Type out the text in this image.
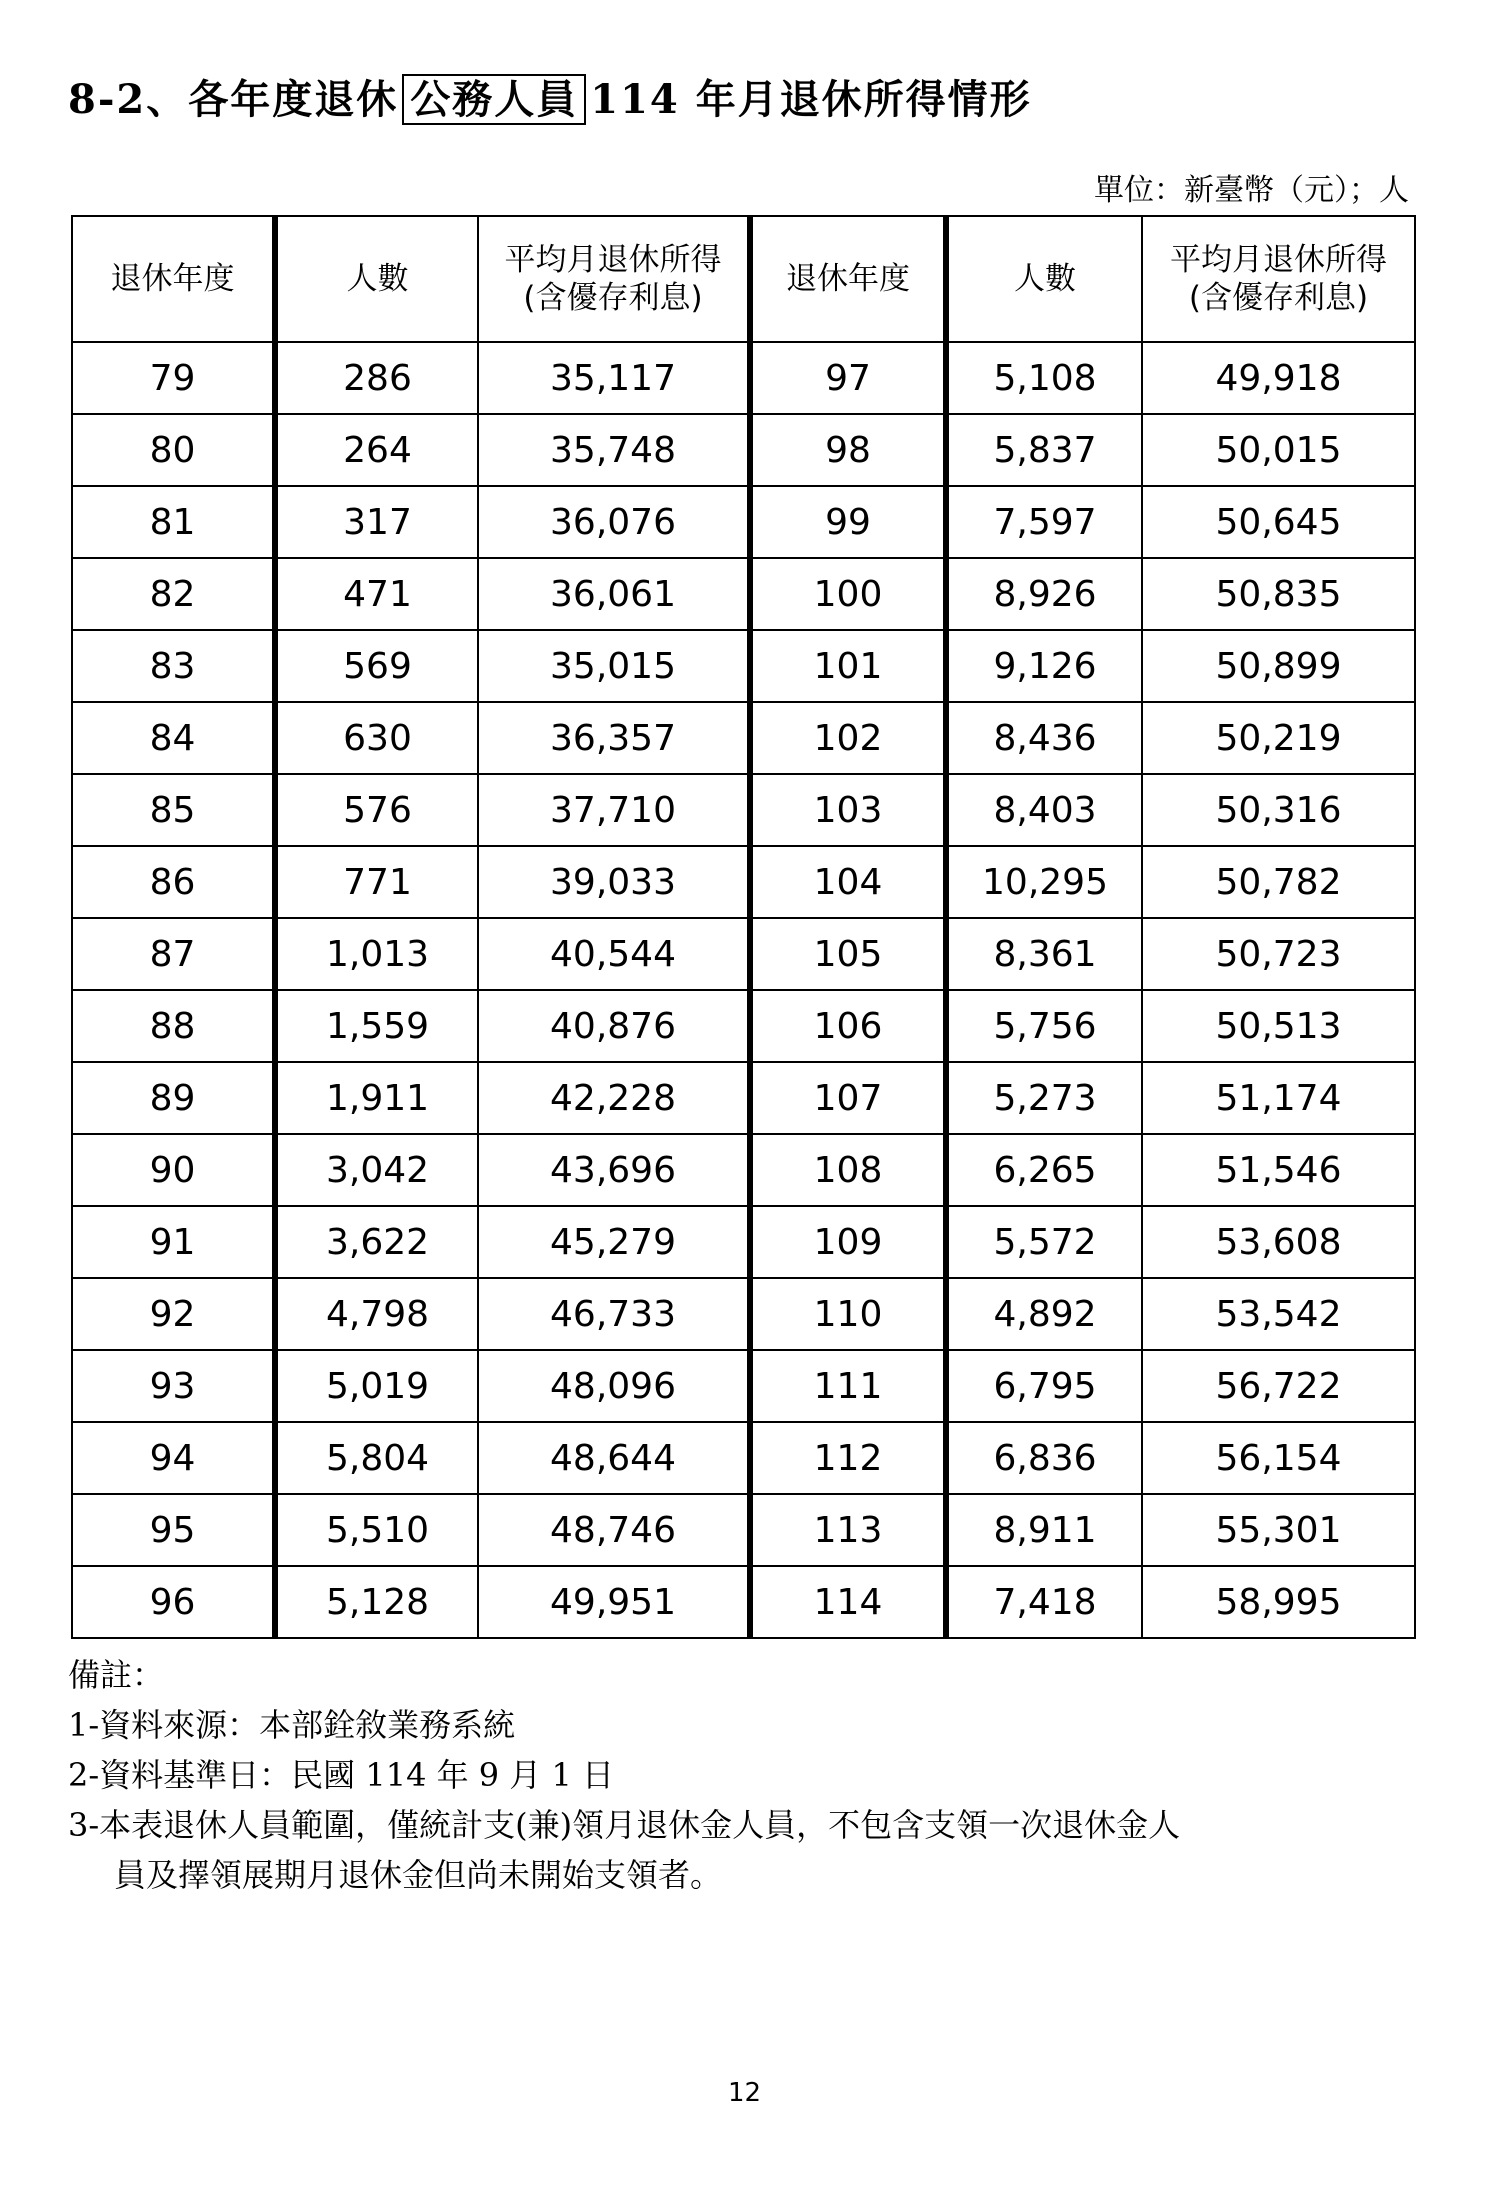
8-2、各年度退休 公務人員 114 年月退休所得情形
單位：新臺幣（元）；人
退休年度	人數	平均月退休所得(含優存利息)	退休年度	人數	平均月退休所得(含優存利息)
79	286	35,117	97	5,108	49,918
80	264	35,748	98	5,837	50,015
81	317	36,076	99	7,597	50,645
82	471	36,061	100	8,926	50,835
83	569	35,015	101	9,126	50,899
84	630	36,357	102	8,436	50,219
85	576	37,710	103	8,403	50,316
86	771	39,033	104	10,295	50,782
87	1,013	40,544	105	8,361	50,723
88	1,559	40,876	106	5,756	50,513
89	1,911	42,228	107	5,273	51,174
90	3,042	43,696	108	6,265	51,546
91	3,622	45,279	109	5,572	53,608
92	4,798	46,733	110	4,892	53,542
93	5,019	48,096	111	6,795	56,722
94	5,804	48,644	112	6,836	56,154
95	5,510	48,746	113	8,911	55,301
96	5,128	49,951	114	7,418	58,995
備註：
1-資料來源：本部銓敘業務系統
2-資料基準日：民國 114 年 9 月 1 日
3-本表退休人員範圍，僅統計支(兼)領月退休金人員，不包含支領一次退休金人
員及擇領展期月退休金但尚未開始支領者。
12
